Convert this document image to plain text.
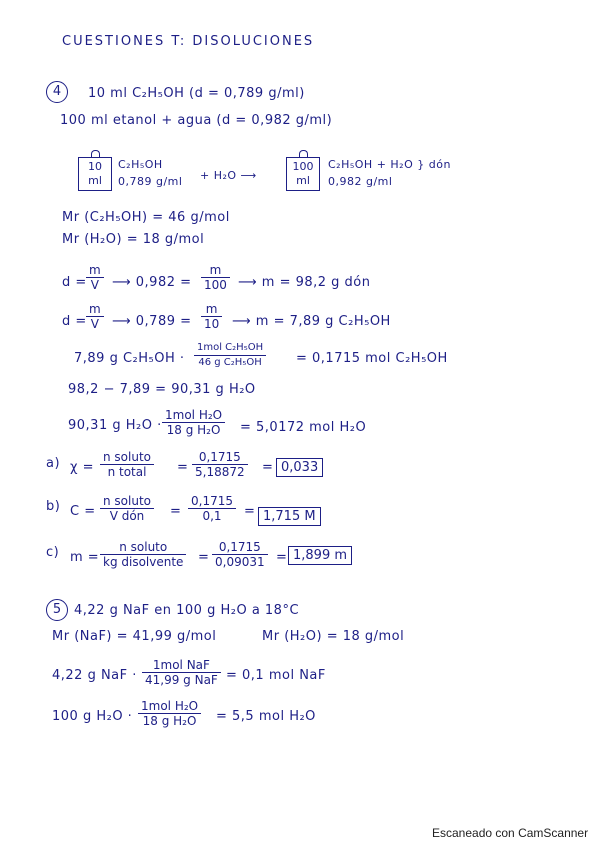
CUESTIONES T: DISOLUCIONES
4	10 ml C₂H₅OH (d = 0,789 g/ml)
100 ml etanol + agua (d = 0,982 g/ml)
10
ml
C₂H₅OH
0,789 g/ml + H₂O ⟶
100
ml
C₂H₅OH + H₂O } dón
0,982 g/ml
Mr (C₂H₅OH) = 46 g/mol
Mr (H₂O) = 18 g/mol
$d = \frac{m}{V}$ ⟶ $0,982 = \frac{m}{100}$ ⟶ m = 98,2 g dón
$d = \frac{m}{V}$ ⟶ $0,789 = \frac{m}{10}$ ⟶ m = 7,89 g C₂H₅OH
7,89 g C₂H₅OH ·
1mol C₂H₅OH
46 g C₂H₅OH	= 0,1715 mol C₂H₅OH
98,2 − 7,89 = 90,31 g H₂O
90,31 g H₂O ·
1mol H₂O
18 g H₂O	= 5,0172 mol H₂O
a) χ =
n soluto
n total	= $\frac{0,1715}{5,18872} = 0,033$
b) C =
n soluto
V dón	= $\frac{0,1715}{0,1} = 1,715$ M
c) m =
n soluto
kg disolvente = $\frac{0,1715}{0,09031} = 1,899$ m
5 4,22 g NaF en 100 g H₂O a 18°C
Mr (NaF) = 41,99 g/mol	Mr (H₂O) = 18 g/mol
4,22 g NaF ·
1mol NaF
41,99 g NaF = 0,1 mol NaF
100 g H₂O ·
1mol H₂O
18 g H₂O	= 5,5 mol H₂O
Escaneado con CamScanner
